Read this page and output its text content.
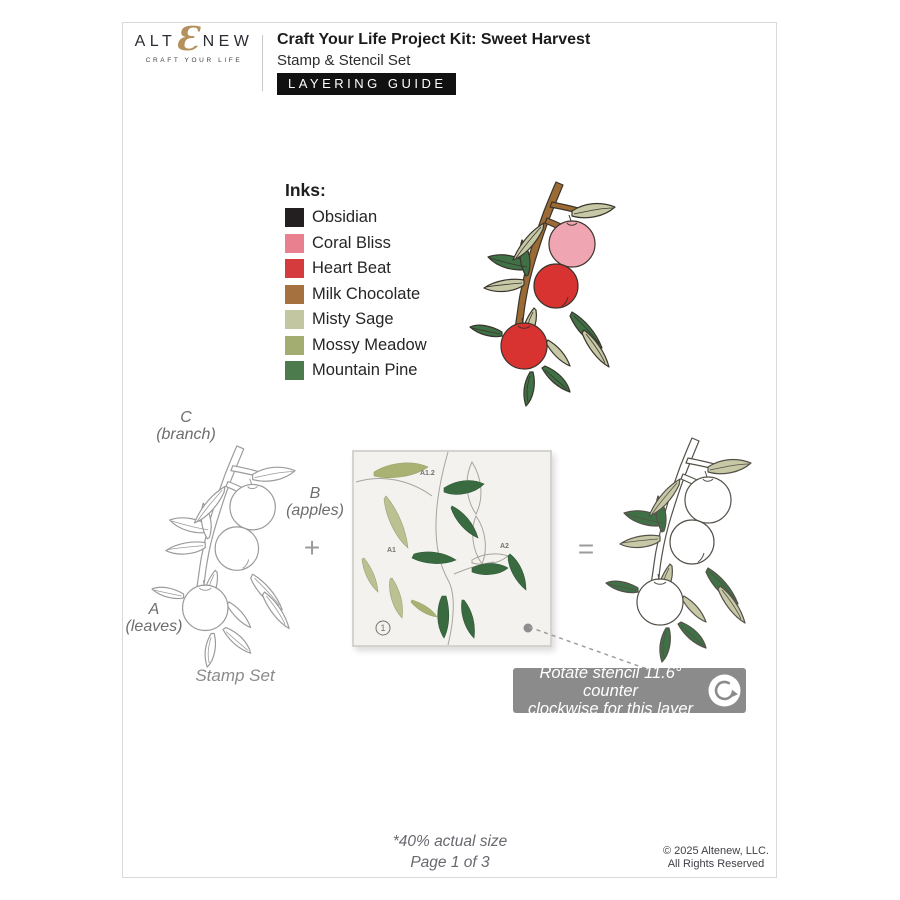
ALT Ɛ NEW
CRAFT YOUR LIFE
Craft Your Life Project Kit: Sweet Harvest
Stamp & Stencil Set
LAYERING GUIDE
Inks:
Obsidian
Coral Bliss
Heart Beat
Milk Chocolate
Misty Sage
Mossy Meadow
Mountain Pine
C
(branch)
B
(apples)
A
(leaves)
Stamp Set
+
A1.2
A1
A2
1
=
Rotate stencil 11.6° counter
clockwise for this layer
*40% actual size
Page 1 of 3
© 2025 Altenew, LLC.
All Rights Reserved
